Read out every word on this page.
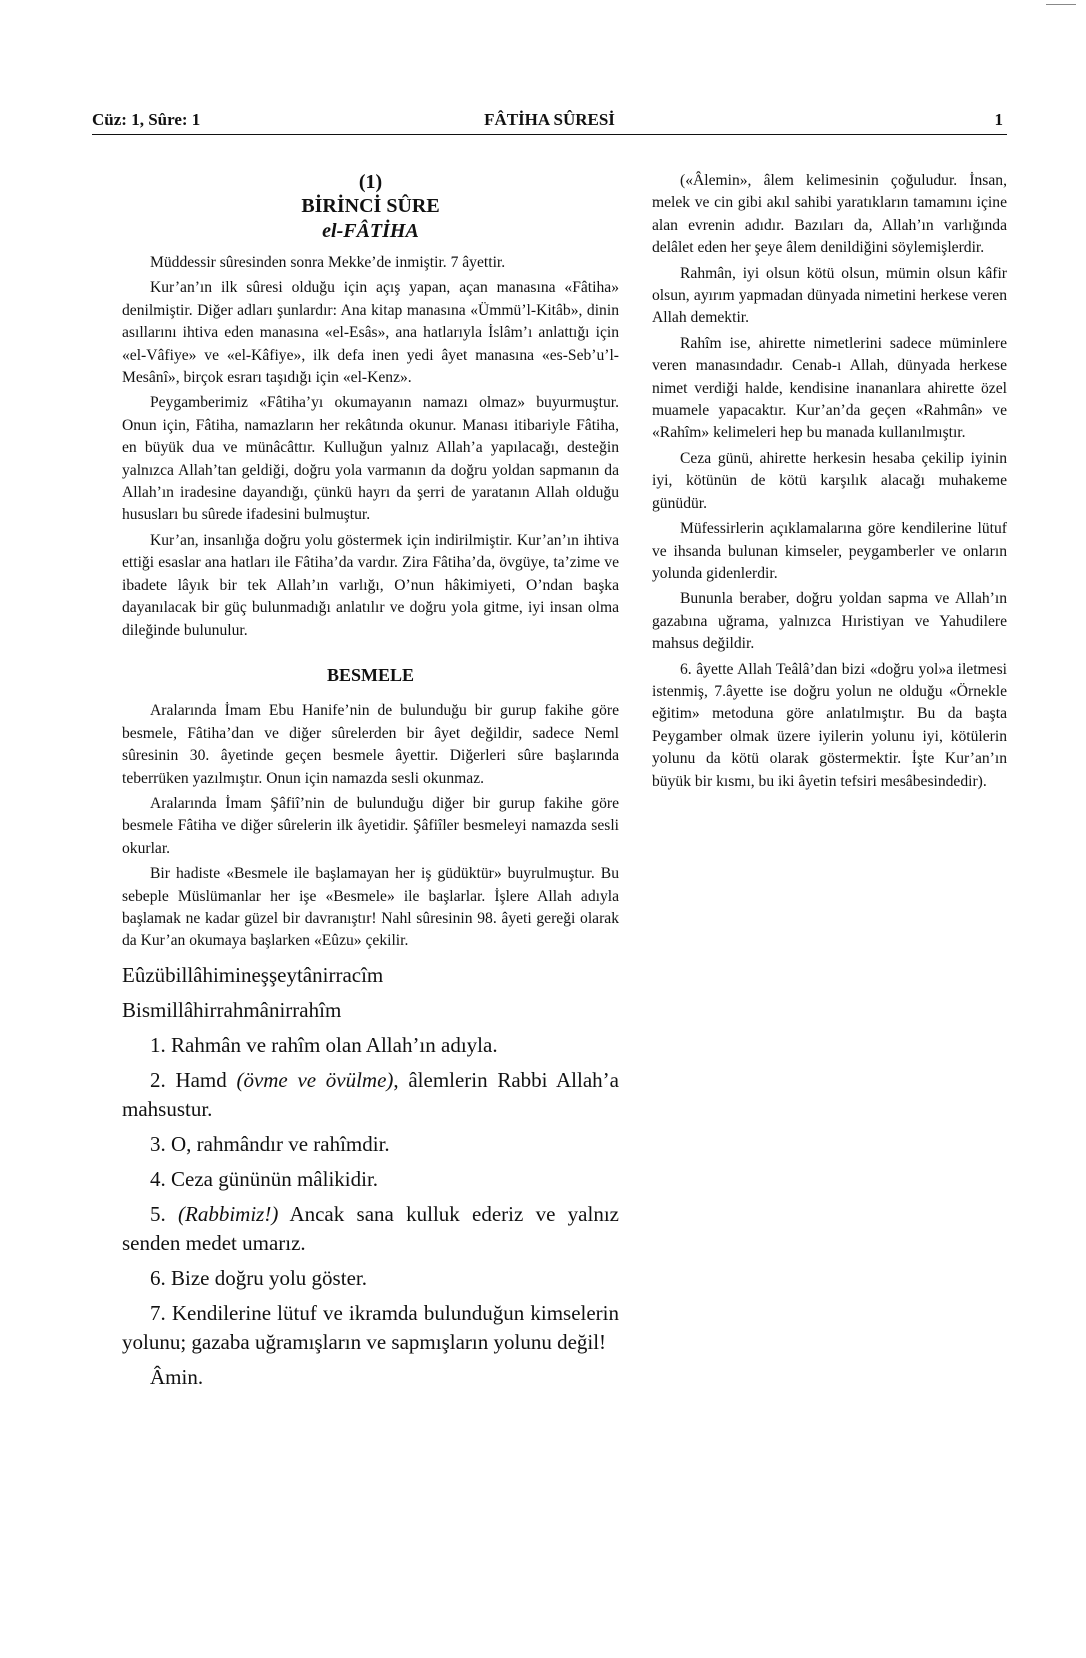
Cüz: 1, Sûre: 1	FÂTİHA SÛRESİ	1
(1)
BİRİNCİ SÛRE
el-FÂTİHA

Müddessir sûresinden sonra Mekke’de inmiştir. 7 âyettir.

Kur’an’ın ilk sûresi olduğu için açış yapan, açan manasına «Fâtiha» denilmiştir. Diğer adları şunlardır: Ana kitap manasına «Ümmü’l-Kitâb», dinin asıllarını ihtiva eden manasına «el-Esâs», ana hatlarıyla İslâm’ı anlattığı için «el-Vâfiye» ve «el-Kâfiye», ilk defa inen yedi âyet manasına «es-Seb’u’l-Mesânî», birçok esrarı taşıdığı için «el-Kenz».

Peygamberimiz «Fâtiha’yı okumayanın namazı olmaz» buyurmuştur. Onun için, Fâtiha, namazların her rekâtında okunur. Manası itibariyle Fâtiha, en büyük dua ve münâcâttır. Kulluğun yalnız Allah’a yapılacağı, desteğin yalnızca Allah’tan geldiği, doğru yola varmanın da doğru yoldan sapmanın da Allah’ın iradesine dayandığı, çünkü hayrı da şerri de yaratanın Allah olduğu hususları bu sûrede ifadesini bulmuştur.

Kur’an, insanlığa doğru yolu göstermek için indirilmiştir. Kur’an’ın ihtiva ettiği esaslar ana hatları ile Fâtiha’da vardır. Zira Fâtiha’da, övgüye, ta’zime ve ibadete lâyık bir tek Allah’ın varlığı, O’nun hâkimiyeti, O’ndan başka dayanılacak bir güç bulunmadığı anlatılır ve doğru yola gitme, iyi insan olma dileğinde bulunulur.

BESMELE

Aralarında İmam Ebu Hanife’nin de bulunduğu bir gurup fakihe göre besmele, Fâtiha’dan ve diğer sûrelerden bir âyet değildir, sadece Neml sûresinin 30. âyetinde geçen besmele âyettir. Diğerleri sûre başlarında teberrüken yazılmıştır. Onun için namazda sesli okunmaz.

Aralarında İmam Şâfiî’nin de bulunduğu diğer bir gurup fakihe göre besmele Fâtiha ve diğer sûrelerin ilk âyetidir. Şâfiîler besmeleyi namazda sesli okurlar.

Bir hadiste «Besmele ile başlamayan her iş güdüktür» buyrulmuştur. Bu sebeple Müslümanlar her işe «Besmele» ile başlarlar. İşlere Allah adıyla başlamak ne kadar güzel bir davranıştır! Nahl sûresinin 98. âyeti gereği olarak da Kur’an okumaya başlarken «Eûzu» çekilir.

Eûzübillâhimineşşeytânirracîm

Bismillâhirrahmânirrahîm

1. Rahmân ve rahîm olan Allah’ın adıyla.

2. Hamd (övme ve övülme), âlemlerin Rabbi Allah’a mahsustur.

3. O, rahmândır ve rahîmdir.

4. Ceza gününün mâlikidir.

5. (Rabbimiz!) Ancak sana kulluk ederiz ve yalnız senden medet umarız.

6. Bize doğru yolu göster.

7. Kendilerine lütuf ve ikramda bulunduğun kimselerin yolunu; gazaba uğramışların ve sapmışların yolunu değil!

Âmin.

(«Âlemin», âlem kelimesinin çoğuludur. İnsan, melek ve cin gibi akıl sahibi yaratıkların tamamını içine alan evrenin adıdır. Bazıları da, Allah’ın varlığında delâlet eden her şeye âlem denildiğini söylemişlerdir.

Rahmân, iyi olsun kötü olsun, mümin olsun kâfir olsun, ayırım yapmadan dünyada nimetini herkese veren Allah demektir.

Rahîm ise, ahirette nimetlerini sadece müminlere veren manasındadır. Cenab-ı Allah, dünyada herkese nimet verdiği halde, kendisine inananlara ahirette özel muamele yapacaktır. Kur’an’da geçen «Rahmân» ve «Rahîm» kelimeleri hep bu manada kullanılmıştır.

Ceza günü, ahirette herkesin hesaba çekilip iyinin iyi, kötünün de kötü karşılık alacağı muhakeme günüdür.

Müfessirlerin açıklamalarına göre kendilerine lütuf ve ihsanda bulunan kimseler, peygamberler ve onların yolunda gidenlerdir.

Bununla beraber, doğru yoldan sapma ve Allah’ın gazabına uğrama, yalnızca Hıristiyan ve Yahudilere mahsus değildir.

6. âyette Allah Teâlâ’dan bizi «doğru yol»a iletmesi istenmiş, 7.âyette ise doğru yolun ne olduğu «Örnekle eğitim» metoduna göre anlatılmıştır. Bu da başta Peygamber olmak üzere iyilerin yolunu iyi, kötülerin yolunu da kötü olarak göstermektir. İşte Kur’an’ın büyük bir kısmı, bu iki âyetin tefsiri mesâbesindedir).
